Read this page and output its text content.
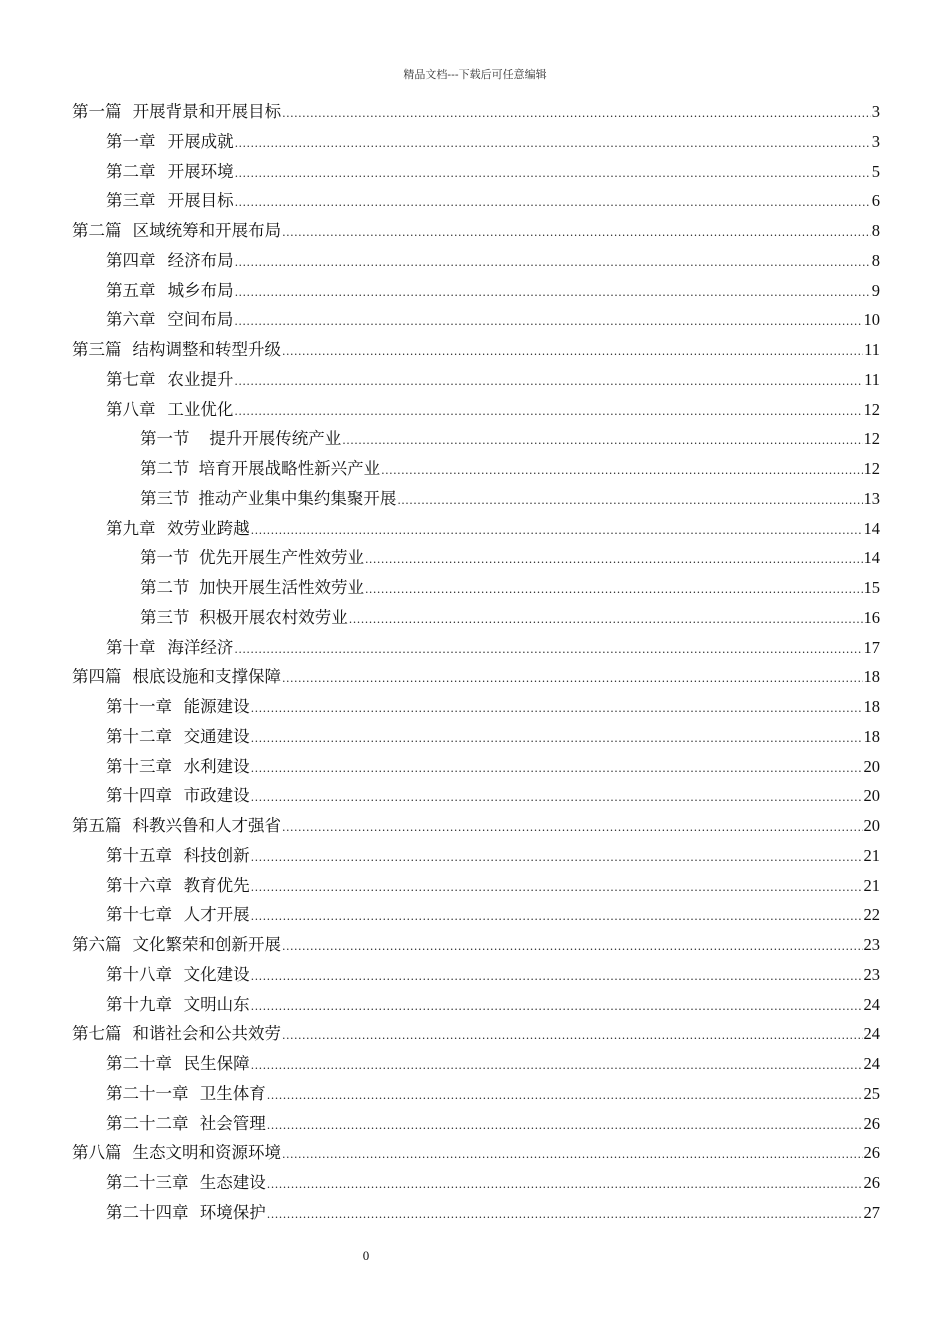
精品文档---下载后可任意编辑
第一篇 开展背景和开展目标 .....	3
第一章 开展成就 .....	3
第二章 开展环境 .....	5
第三章 开展目标 .....	6
第二篇 区域统筹和开展布局 .....	8
第四章 经济布局 .....	8
第五章 城乡布局 .....	9
第六章 空间布局 .....	10
第三篇 结构调整和转型升级 .....	11
第七章 农业提升 .....	11
第八章 工业优化 .....	12
第一节 提升开展传统产业 .....	12
第二节 培育开展战略性新兴产业 .....	12
第三节 推动产业集中集约集聚开展 .....	13
第九章 效劳业跨越 .....	14
第一节 优先开展生产性效劳业 .....	14
第二节 加快开展生活性效劳业 .....	15
第三节 积极开展农村效劳业 .....	16
第十章 海洋经济 .....	17
第四篇 根底设施和支撑保障 .....	18
第十一章 能源建设 .....	18
第十二章 交通建设 .....	18
第十三章 水利建设 .....	20
第十四章 市政建设 .....	20
第五篇 科教兴鲁和人才强省 .....	20
第十五章 科技创新 .....	21
第十六章 教育优先 .....	21
第十七章 人才开展 .....	22
第六篇 文化繁荣和创新开展 .....	23
第十八章 文化建设 .....	23
第十九章 文明山东 .....	24
第七篇 和谐社会和公共效劳 .....	24
第二十章 民生保障 .....	24
第二十一章 卫生体育 .....	25
第二十二章 社会管理 .....	26
第八篇 生态文明和资源环境 .....	26
第二十三章 生态建设 .....	26
第二十四章 环境保护 .....	27
0
